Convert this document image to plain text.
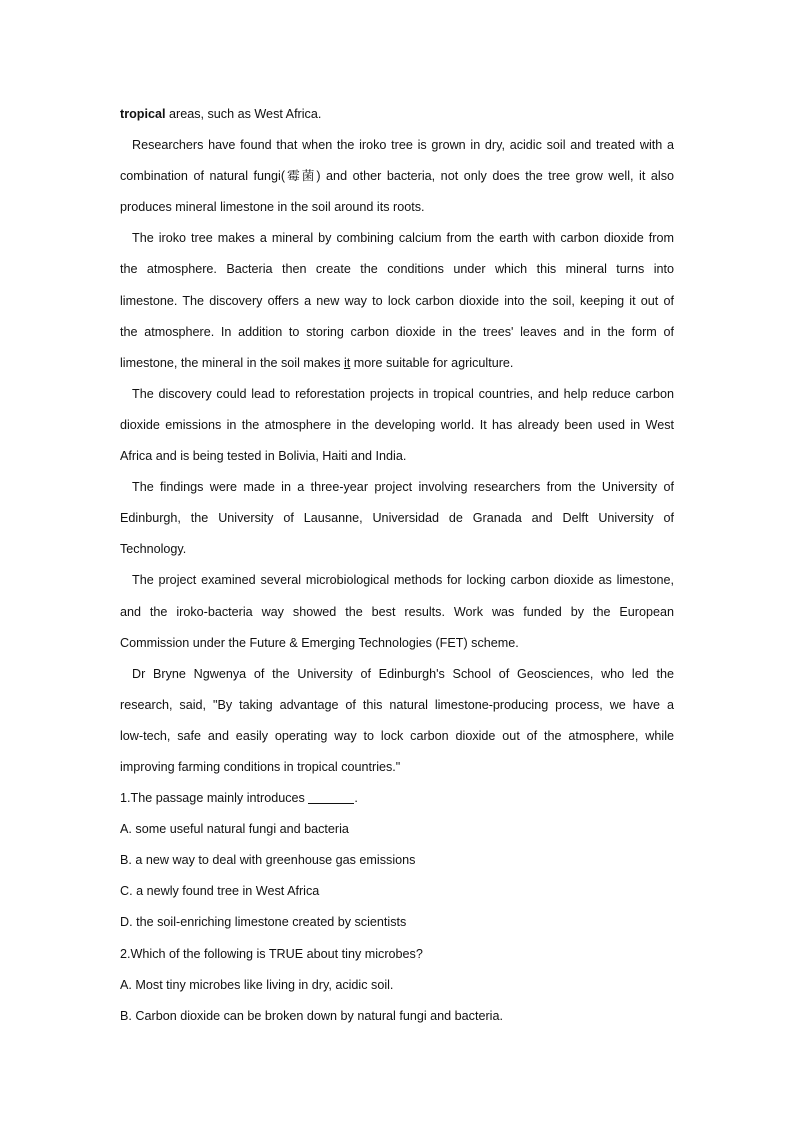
tropical areas, such as West Africa.

Researchers have found that when the iroko tree is grown in dry, acidic soil and treated with a

combination of natural fungi(霉菌) and other bacteria, not only does the tree grow well, it also

produces mineral limestone in the soil around its roots.

The iroko tree makes a mineral by combining calcium from the earth with carbon dioxide from

the atmosphere. Bacteria then create the conditions under which this mineral turns into

limestone. The discovery offers a new way to lock carbon dioxide into the soil, keeping it out of

the atmosphere. In addition to storing carbon dioxide in the trees' leaves and in the form of

limestone, the mineral in the soil makes it more suitable for agriculture.

The discovery could lead to reforestation projects in tropical countries, and help reduce carbon

dioxide emissions in the atmosphere in the developing world. It has already been used in West

Africa and is being tested in Bolivia, Haiti and India.

The findings were made in a three-year project involving researchers from the University of

Edinburgh, the University of Lausanne, Universidad de Granada and Delft University of

Technology.

The project examined several microbiological methods for locking carbon dioxide as limestone,

and the iroko-bacteria way showed the best results. Work was funded by the European

Commission under the Future & Emerging Technologies (FET) scheme.

Dr Bryne Ngwenya of the University of Edinburgh's School of Geosciences, who led the

research, said, "By taking advantage of this natural limestone-producing process, we have a

low-tech, safe and easily operating way to lock carbon dioxide out of the atmosphere, while

improving farming conditions in tropical countries."

1.The passage mainly introduces	.

A. some useful natural fungi and bacteria

B. a new way to deal with greenhouse gas emissions

C. a newly found tree in West Africa

D. the soil-enriching limestone created by scientists

2.Which of the following is TRUE about tiny microbes?

A. Most tiny microbes like living in dry, acidic soil.

B. Carbon dioxide can be broken down by natural fungi and bacteria.
